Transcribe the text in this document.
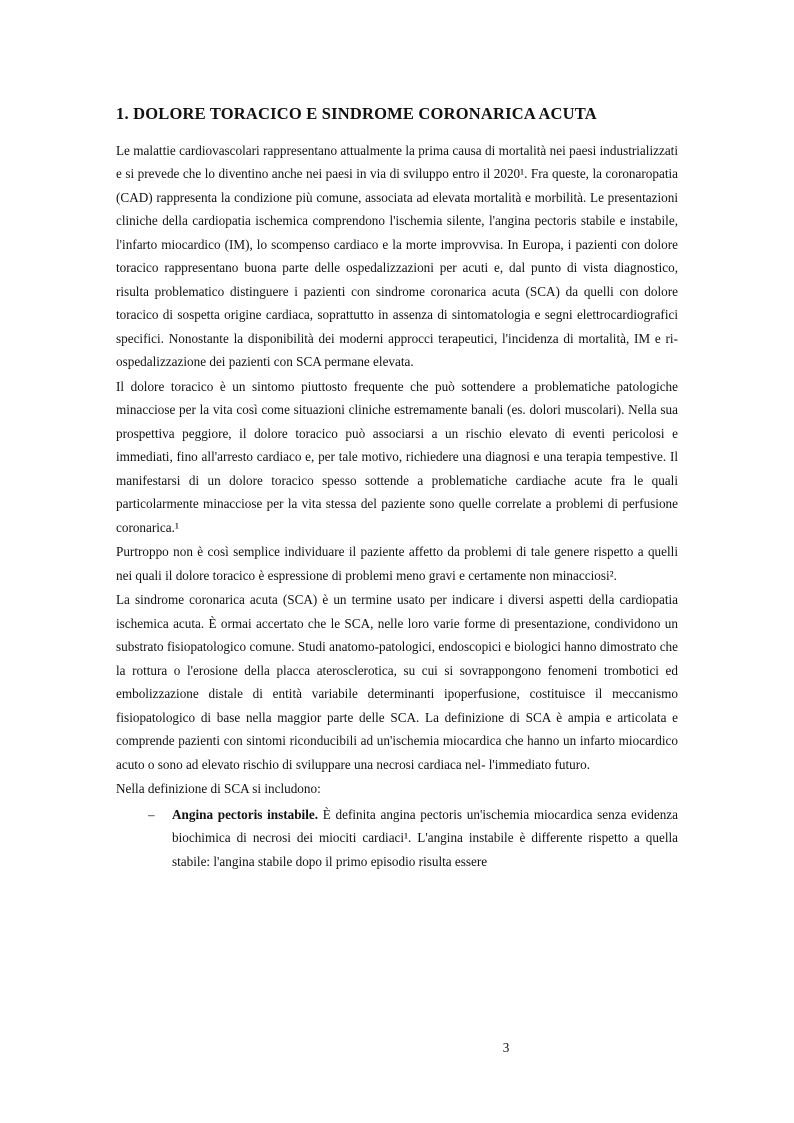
1. DOLORE TORACICO E SINDROME CORONARICA ACUTA

Le malattie cardiovascolari rappresentano attualmente la prima causa di mortalità nei paesi industrializzati e si prevede che lo diventino anche nei paesi in via di sviluppo entro il 2020¹. Fra queste, la coronaropatia (CAD) rappresenta la condizione più comune, associata ad elevata mortalità e morbilità. Le presentazioni cliniche della cardiopatia ischemica comprendono l'ischemia silente, l'angina pectoris stabile e instabile, l'infarto miocardico (IM), lo scompenso cardiaco e la morte improvvisa. In Europa, i pazienti con dolore toracico rappresentano buona parte delle ospedalizzazioni per acuti e, dal punto di vista diagnostico, risulta problematico distinguere i pazienti con sindrome coronarica acuta (SCA) da quelli con dolore toracico di sospetta origine cardiaca, soprattutto in assenza di sintomatologia e segni elettrocardiografici specifici. Nonostante la disponibilità dei moderni approcci terapeutici, l'incidenza di mortalità, IM e ri-ospedalizzazione dei pazienti con SCA permane elevata.

Il dolore toracico è un sintomo piuttosto frequente che può sottendere a problematiche patologiche minacciose per la vita così come situazioni cliniche estremamente banali (es. dolori muscolari). Nella sua prospettiva peggiore, il dolore toracico può associarsi a un rischio elevato di eventi pericolosi e immediati, fino all'arresto cardiaco e, per tale motivo, richiedere una diagnosi e una terapia tempestive. Il manifestarsi di un dolore toracico spesso sottende a problematiche cardiache acute fra le quali particolarmente minacciose per la vita stessa del paziente sono quelle correlate a problemi di perfusione coronarica.¹

Purtroppo non è così semplice individuare il paziente affetto da problemi di tale genere rispetto a quelli nei quali il dolore toracico è espressione di problemi meno gravi e certamente non minacciosi².

La sindrome coronarica acuta (SCA) è un termine usato per indicare i diversi aspetti della cardiopatia ischemica acuta. È ormai accertato che le SCA, nelle loro varie forme di presentazione, condividono un substrato fisiopatologico comune. Studi anatomo-patologici, endoscopici e biologici hanno dimostrato che la rottura o l'erosione della placca aterosclerotica, su cui si sovrappongono fenomeni trombotici ed embolizzazione distale di entità variabile determinanti ipoperfusione, costituisce il meccanismo fisiopatologico di base nella maggior parte delle SCA. La definizione di SCA è ampia e articolata e comprende pazienti con sintomi riconducibili ad un'ischemia miocardica che hanno un infarto miocardico acuto o sono ad elevato rischio di sviluppare una necrosi cardiaca nel- l'immediato futuro.

Nella definizione di SCA si includono:

– Angina pectoris instabile. È definita angina pectoris un'ischemia miocardica senza evidenza biochimica di necrosi dei miociti cardiaci¹. L'angina instabile è differente rispetto a quella stabile: l'angina stabile dopo il primo episodio risulta essere
3
